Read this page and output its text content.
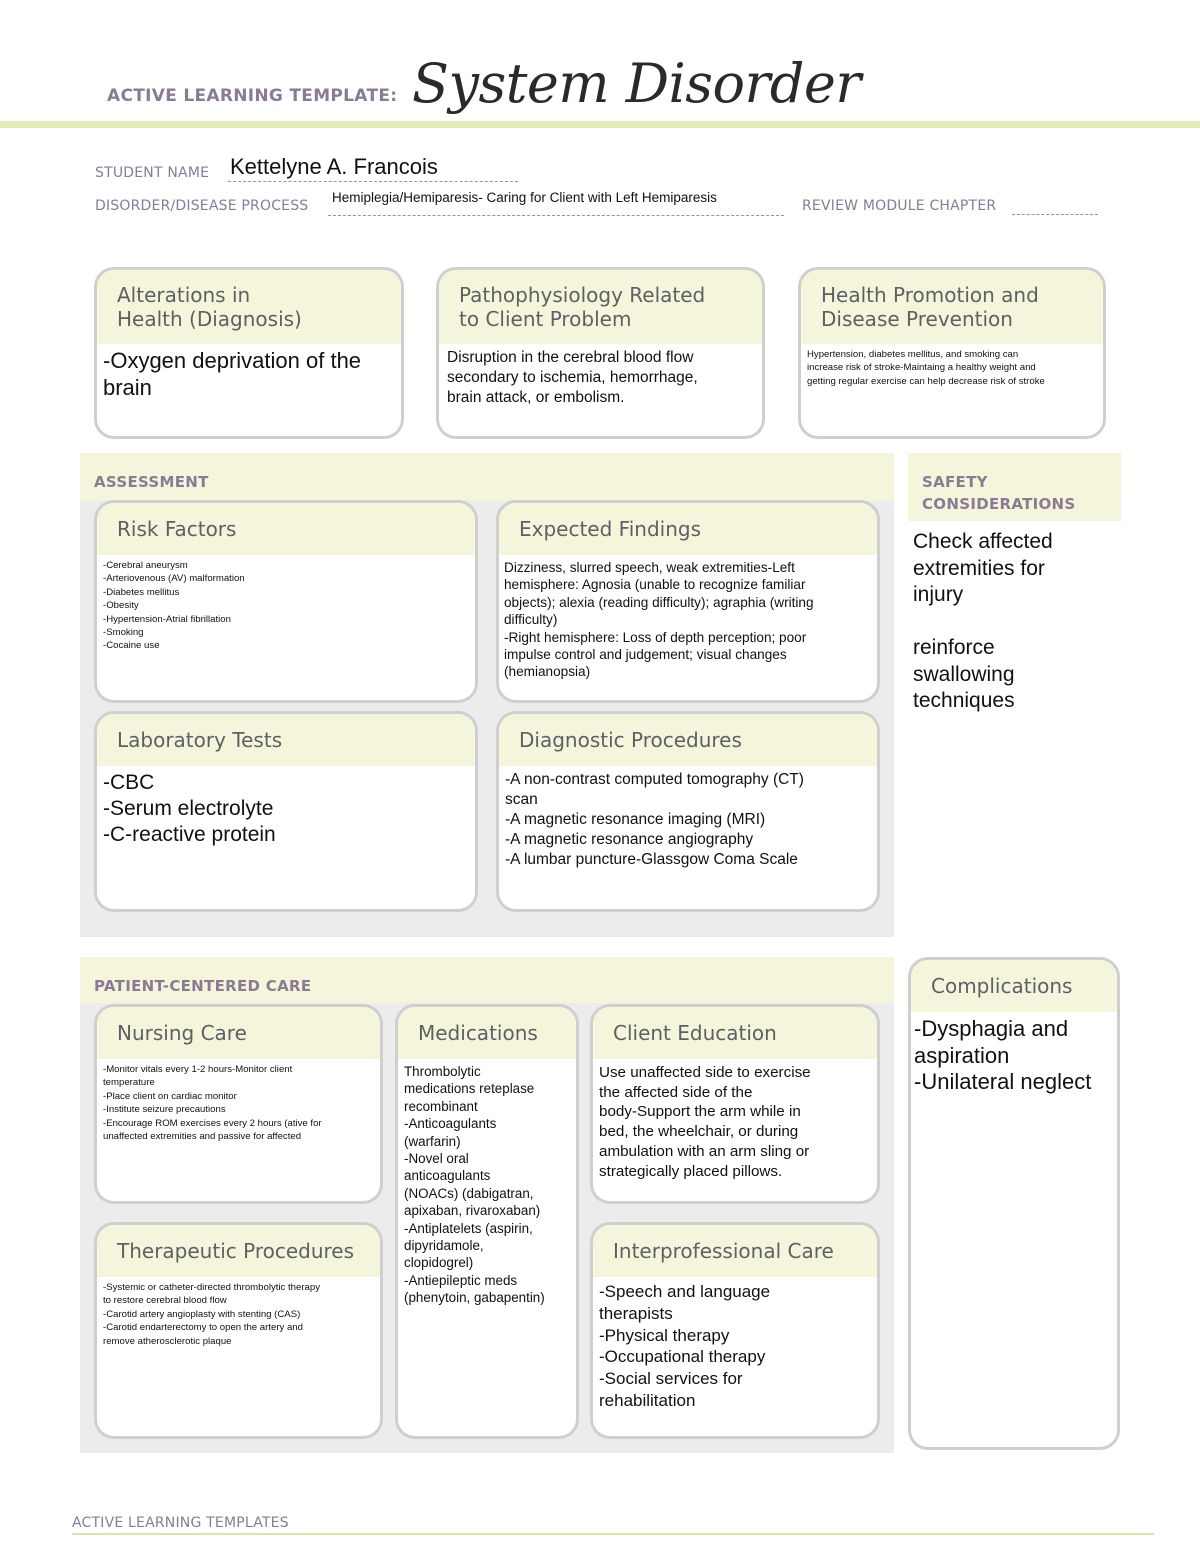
ACTIVE LEARNING TEMPLATE: System Disorder
STUDENT NAME Kettelyne A. Francois
DISORDER/DISEASE PROCESS
Hemiplegia/Hemiparesis- Caring for Client with Left Hemiparesis
REVIEW MODULE CHAPTER
Alterations in
Health (Diagnosis)
-Oxygen deprivation of the
brain
Pathophysiology Related
to Client Problem
Disruption in the cerebral blood flow
secondary to ischemia, hemorrhage,
brain attack, or embolism.
Health Promotion and
Disease Prevention
Hypertension, diabetes mellitus, and smoking can
increase risk of stroke-Maintaing a healthy weight and
getting regular exercise can help decrease risk of stroke
ASSESSMENT
Risk Factors
-Cerebral aneurysm
-Arteriovenous (AV) malformation
-Diabetes mellitus
-Obesity
-Hypertension-Atrial fibrillation
-Smoking
-Cocaine use
Expected Findings
Dizziness, slurred speech, weak extremities-Left
hemisphere: Agnosia (unable to recognize familiar
objects); alexia (reading difficulty); agraphia (writing
difficulty)
-Right hemisphere: Loss of depth perception; poor
impulse control and judgement; visual changes
(hemianopsia)
Laboratory Tests
-CBC
-Serum electrolyte
-C-reactive protein
Diagnostic Procedures
-A non-contrast computed tomography (CT)
scan
-A magnetic resonance imaging (MRI)
-A magnetic resonance angiography
-A lumbar puncture-Glassgow Coma Scale
SAFETY
CONSIDERATIONS
Check affected
extremities for
injury

reinforce
swallowing
techniques
PATIENT-CENTERED CARE
Nursing Care
-Monitor vitals every 1-2 hours-Monitor client
temperature
-Place client on cardiac monitor
-Institute seizure precautions
-Encourage ROM exercises every 2 hours (ative for
unaffected extremities and passive for affected
Medications
Thrombolytic
medications reteplase
recombinant
-Anticoagulants
(warfarin)
-Novel oral
anticoagulants
(NOACs) (dabigatran,
apixaban, rivaroxaban)
-Antiplatelets (aspirin,
dipyridamole,
clopidogrel)
-Antiepileptic meds
(phenytoin, gabapentin)
Client Education
Use unaffected side to exercise
the affected side of the
body-Support the arm while in
bed, the wheelchair, or during
ambulation with an arm sling or
strategically placed pillows.
Therapeutic Procedures
-Systemic or catheter-directed thrombolytic therapy
to restore cerebral blood flow
-Carotid artery angioplasty with stenting (CAS)
-Carotid endarterectomy to open the artery and
remove atherosclerotic plaque
Interprofessional Care
-Speech and language
therapists
-Physical therapy
-Occupational therapy
-Social services for
rehabilitation
Complications
-Dysphagia and
aspiration
-Unilateral neglect
ACTIVE LEARNING TEMPLATES
